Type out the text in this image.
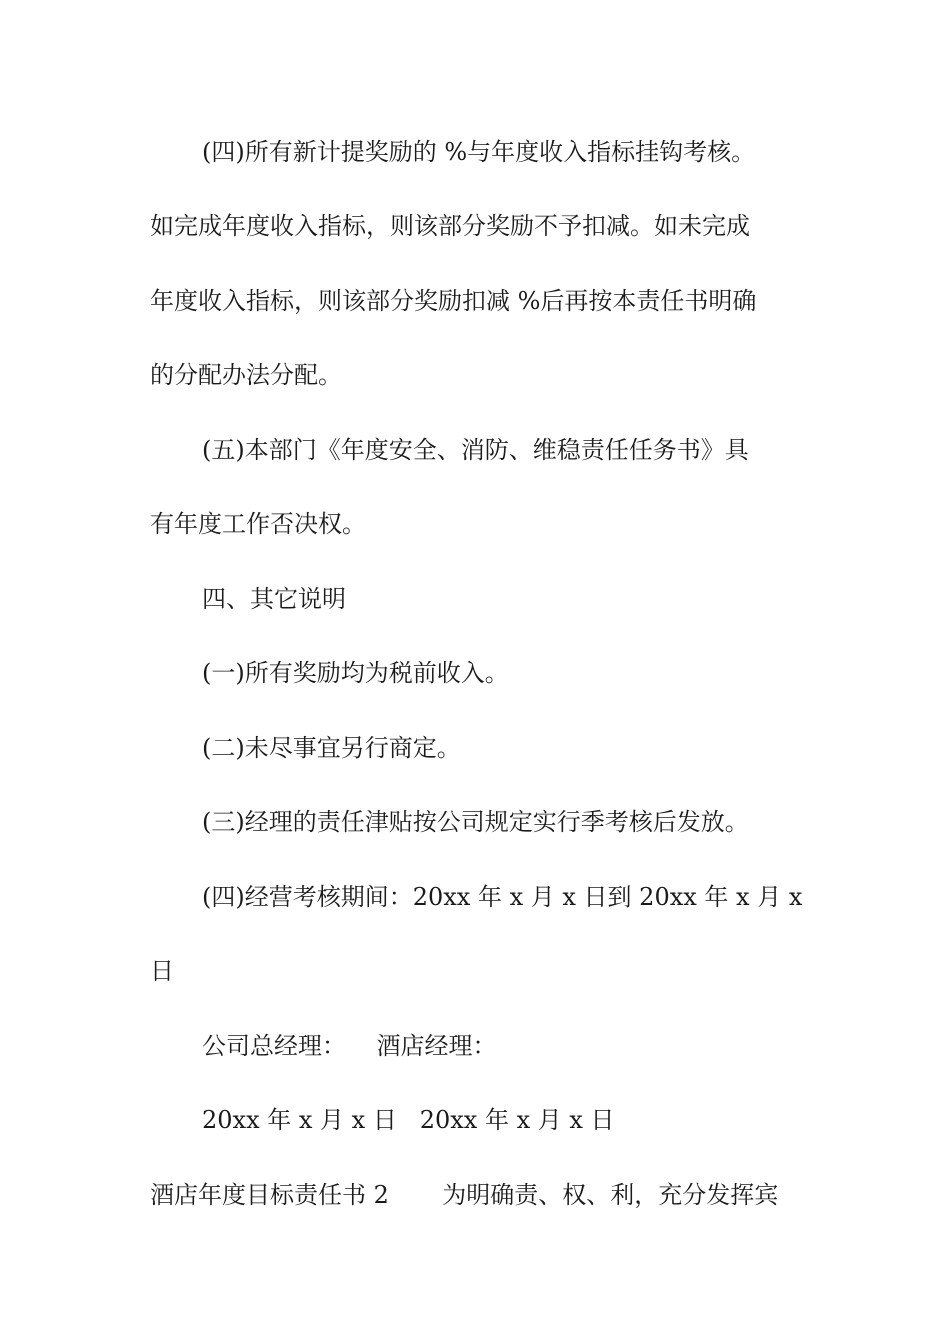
(四)所有新计提奖励的 %与年度收入指标挂钩考核。
如完成年度收入指标，则该部分奖励不予扣减。如未完成
年度收入指标，则该部分奖励扣减 %后再按本责任书明确
的分配办法分配。
(五)本部门《年度安全、消防、维稳责任任务书》具
有年度工作否决权。
四、其它说明
(一)所有奖励均为税前收入。
(二)未尽事宜另行商定。
(三)经理的责任津贴按公司规定实行季考核后发放。
(四)经营考核期间：20xx 年 x 月 x 日到 20xx 年 x 月 x
日
公司总经理：    酒店经理：
20xx 年 x 月 x 日   20xx 年 x 月 x 日
酒店年度目标责任书 2       为明确责、权、利，充分发挥宾
